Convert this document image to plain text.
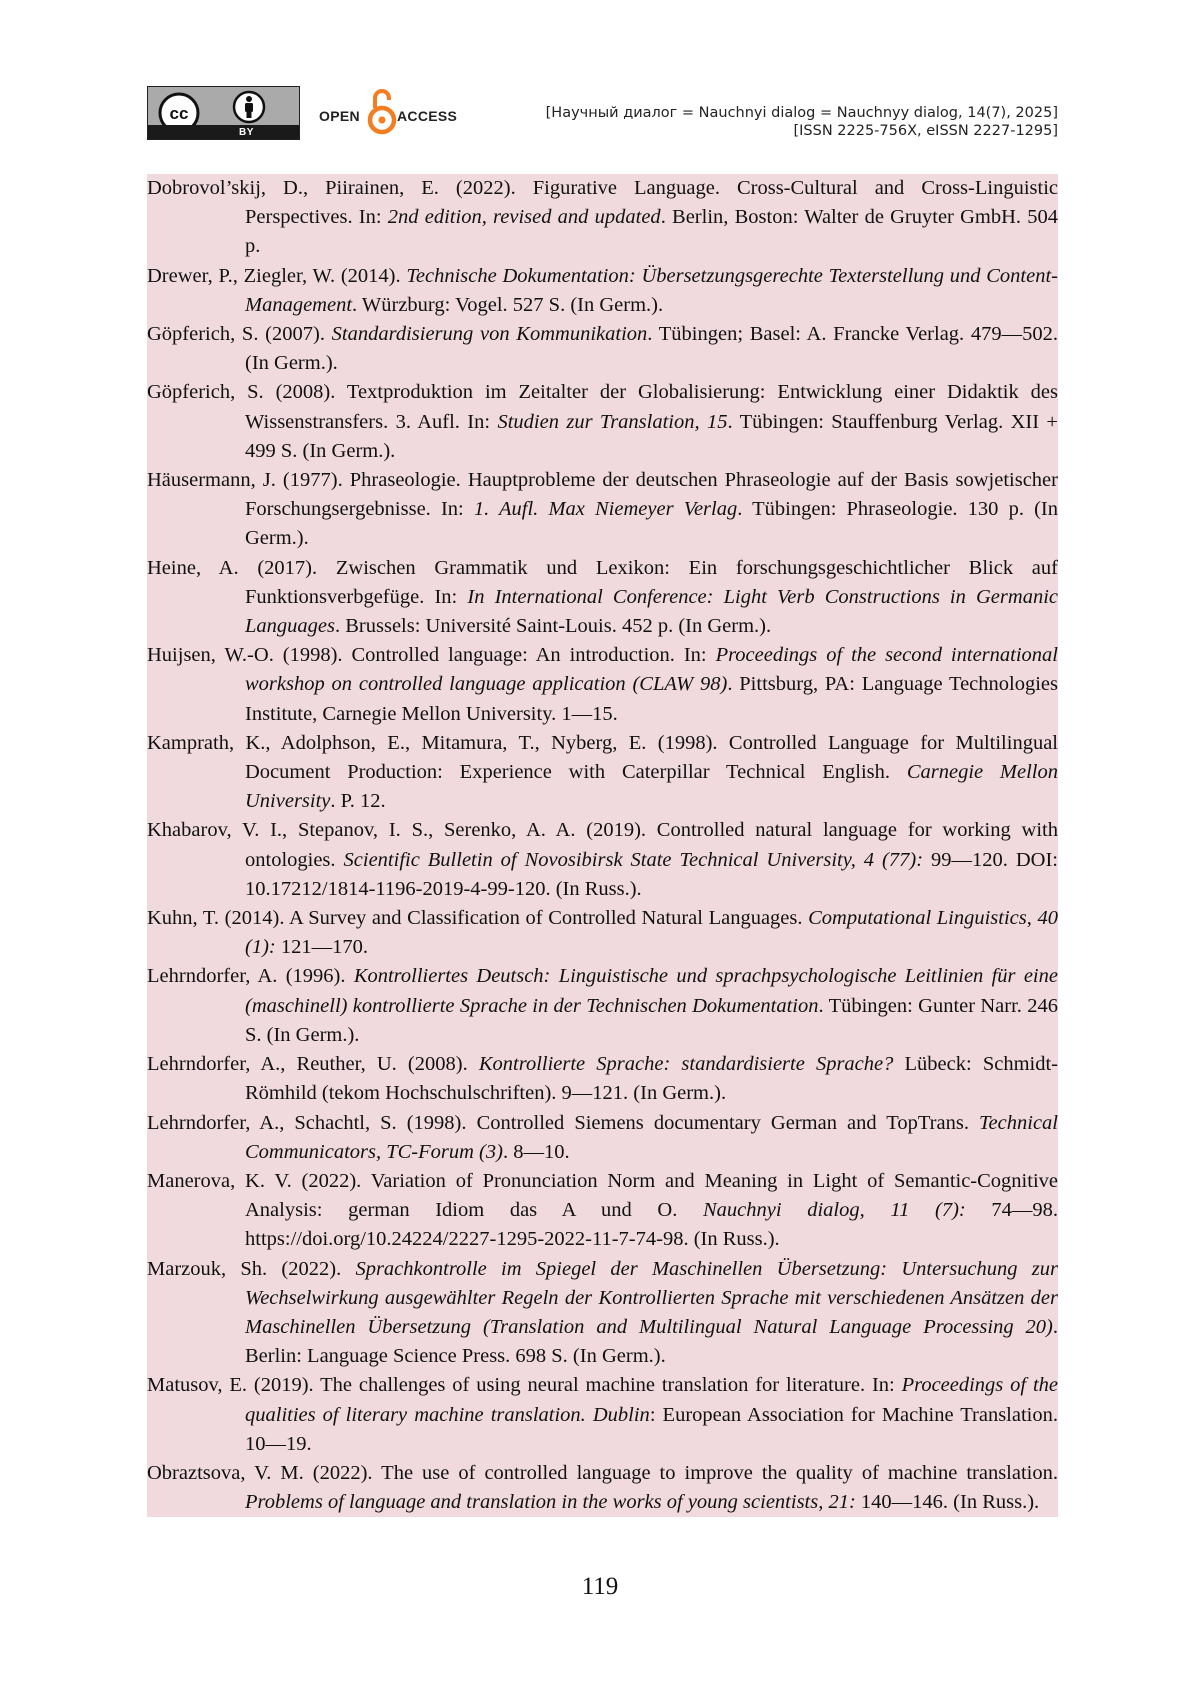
cc
BY
OPEN	ACCESS	[Научный диалог = Nauchnyi dialog = Nauchnyy dialog, 14(7), 2025]
[ISSN 2225-756X, eISSN 2227-1295]

Dobrovol’skij, D., Piirainen, E. (2022). Figurative Language. Cross-Cultural and Cross-Linguistic Perspectives. In: 2nd edition, revised and updated. Berlin, Boston: Walter de Gruyter GmbH. 504 p.

Drewer, P., Ziegler, W. (2014). Technische Dokumentation: Übersetzungsgerechte Texterstellung und Content-Management. Würzburg: Vogel. 527 S. (In Germ.).

Göpferich, S. (2007). Standardisierung von Kommunikation. Tübingen; Basel: A. Francke Verlag. 479—502. (In Germ.).

Göpferich, S. (2008). Textproduktion im Zeitalter der Globalisierung: Entwicklung einer Didaktik des Wissenstransfers. 3. Aufl. In: Studien zur Translation, 15. Tübingen: Stauffenburg Verlag. XII + 499 S. (In Germ.).

Häusermann, J. (1977). Phraseologie. Hauptprobleme der deutschen Phraseologie auf der Basis sowjetischer Forschungsergebnisse. In: 1. Aufl. Max Niemeyer Verlag. Tübingen: Phraseologie. 130 p. (In Germ.).

Heine, A. (2017). Zwischen Grammatik und Lexikon: Ein forschungsgeschichtlicher Blick auf Funktionsverbgefüge. In: In International Conference: Light Verb Constructions in Germanic Languages. Brussels: Université Saint-Louis. 452 p. (In Germ.).

Huijsen, W.-O. (1998). Controlled language: An introduction. In: Proceedings of the second international workshop on controlled language application (CLAW 98). Pittsburg, PA: Language Technologies Institute, Carnegie Mellon University. 1—15.

Kamprath, K., Adolphson, E., Mitamura, T., Nyberg, E. (1998). Controlled Language for Multilingual Document Production: Experience with Caterpillar Technical English. Carnegie Mellon University. P. 12.

Khabarov, V. I., Stepanov, I. S., Serenko, A. A. (2019). Controlled natural language for working with ontologies. Scientific Bulletin of Novosibirsk State Technical University, 4 (77): 99—120. DOI: 10.17212/1814-1196-2019-4-99-120. (In Russ.).

Kuhn, T. (2014). A Survey and Classification of Controlled Natural Languages. Computational Linguistics, 40 (1): 121—170.

Lehrndorfer, A. (1996). Kontrolliertes Deutsch: Linguistische und sprachpsychologische Leitlinien für eine (maschinell) kontrollierte Sprache in der Technischen Dokumentation. Tübingen: Gunter Narr. 246 S. (In Germ.).

Lehrndorfer, A., Reuther, U. (2008). Kontrollierte Sprache: standardisierte Sprache? Lübeck: Schmidt-Römhild (tekom Hochschulschriften). 9—121. (In Germ.).

Lehrndorfer, A., Schachtl, S. (1998). Controlled Siemens documentary German and TopTrans. Technical Communicators, TC-Forum (3). 8—10.

Manerova, K. V. (2022). Variation of Pronunciation Norm and Meaning in Light of Semantic-Cognitive Analysis: german Idiom das A und O. Nauchnyi dialog, 11 (7): 74—98. https://doi.org/10.24224/2227-1295-2022-11-7-74-98. (In Russ.).

Marzouk, Sh. (2022). Sprachkontrolle im Spiegel der Maschinellen Übersetzung: Untersuchung zur Wechselwirkung ausgewählter Regeln der Kontrollierten Sprache mit verschiedenen Ansätzen der Maschinellen Übersetzung (Translation and Multilingual Natural Language Processing 20). Berlin: Language Science Press. 698 S. (In Germ.).

Matusov, E. (2019). The challenges of using neural machine translation for literature. In: Proceedings of the qualities of literary machine translation. Dublin: European Association for Machine Translation. 10—19.

Obraztsova, V. M. (2022). The use of controlled language to improve the quality of machine translation. Problems of language and translation in the works of young scientists, 21: 140—146. (In Russ.).

119
